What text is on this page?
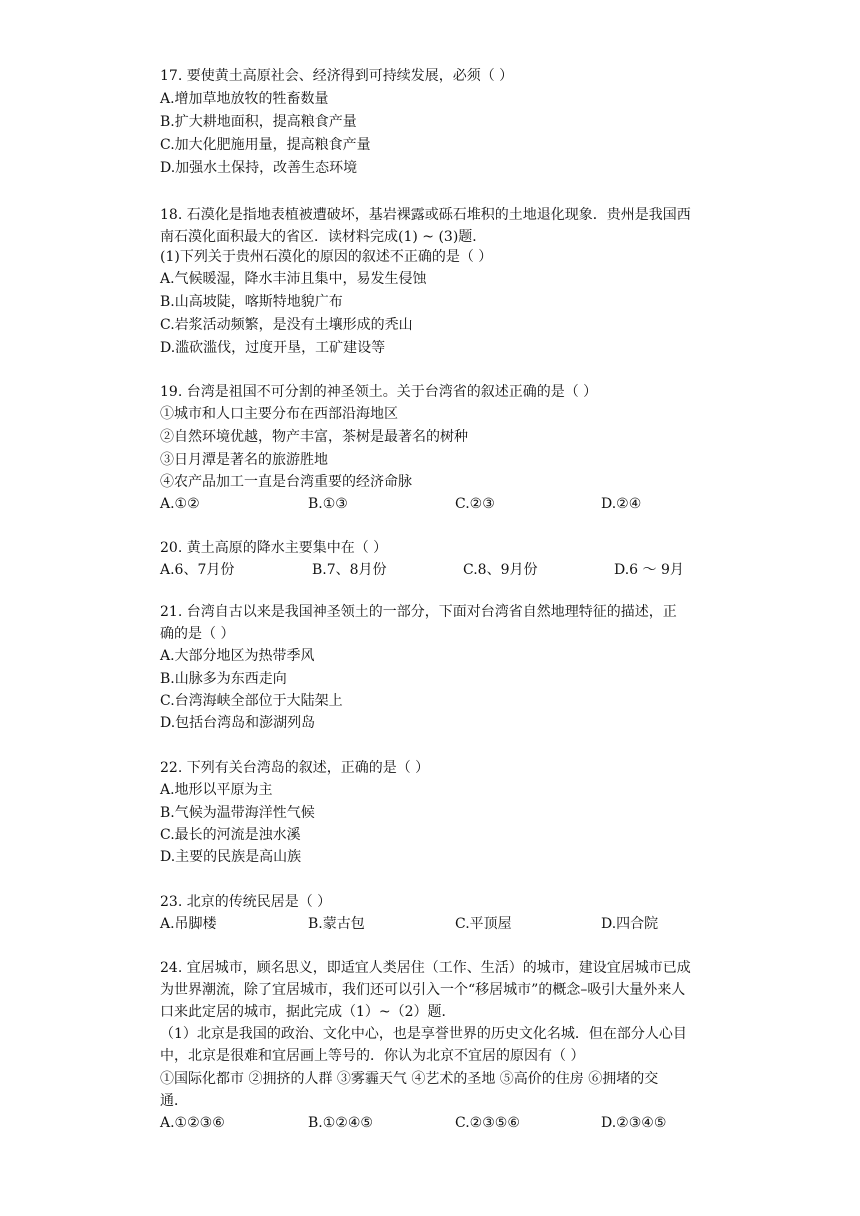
17. 要使黄土高原社会、经济得到可持续发展，必须（ ）
A.增加草地放牧的牲畜数量
B.扩大耕地面积，提高粮食产量
C.加大化肥施用量，提高粮食产量
D.加强水土保持，改善生态环境
18. 石漠化是指地表植被遭破坏，基岩裸露或砾石堆积的土地退化现象．贵州是我国西
南石漠化面积最大的省区．读材料完成(1) ~ (3)题．
(1)下列关于贵州石漠化的原因的叙述不正确的是（ ）
A.气候暖湿，降水丰沛且集中，易发生侵蚀
B.山高坡陡，喀斯特地貌广布
C.岩浆活动频繁，是没有土壤形成的秃山
D.滥砍滥伐，过度开垦，工矿建设等
19. 台湾是祖国不可分割的神圣领土。关于台湾省的叙述正确的是（ ）
①城市和人口主要分布在西部沿海地区
②自然环境优越，物产丰富，茶树是最著名的树种
③日月潭是著名的旅游胜地
④农产品加工一直是台湾重要的经济命脉
A.①②	B.①③	C.②③	D.②④
20. 黄土高原的降水主要集中在（ ）
A.6、7月份	B.7、8月份	C.8、9月份	D.6 ～ 9月
21. 台湾自古以来是我国神圣领土的一部分，下面对台湾省自然地理特征的描述，正
确的是（ ）
A.大部分地区为热带季风
B.山脉多为东西走向
C.台湾海峡全部位于大陆架上
D.包括台湾岛和澎湖列岛
22. 下列有关台湾岛的叙述，正确的是（ ）
A.地形以平原为主
B.气候为温带海洋性气候
C.最长的河流是浊水溪
D.主要的民族是高山族
23. 北京的传统民居是（ ）
A.吊脚楼	B.蒙古包	C.平顶屋	D.四合院
24. 宜居城市，顾名思义，即适宜人类居住（工作、生活）的城市，建设宜居城市已成
为世界潮流，除了宜居城市，我们还可以引入一个“移居城市”的概念–吸引大量外来人
口来此定居的城市，据此完成（1）~（2）题．
（1）北京是我国的政治、文化中心，也是享誉世界的历史文化名城．但在部分人心目
中，北京是很难和宜居画上等号的．你认为北京不宜居的原因有（ ）
①国际化都市 ②拥挤的人群 ③雾霾天气 ④艺术的圣地 ⑤高价的住房 ⑥拥堵的交
通．
A.①②③⑥	B.①②④⑤	C.②③⑤⑥	D.②③④⑤
